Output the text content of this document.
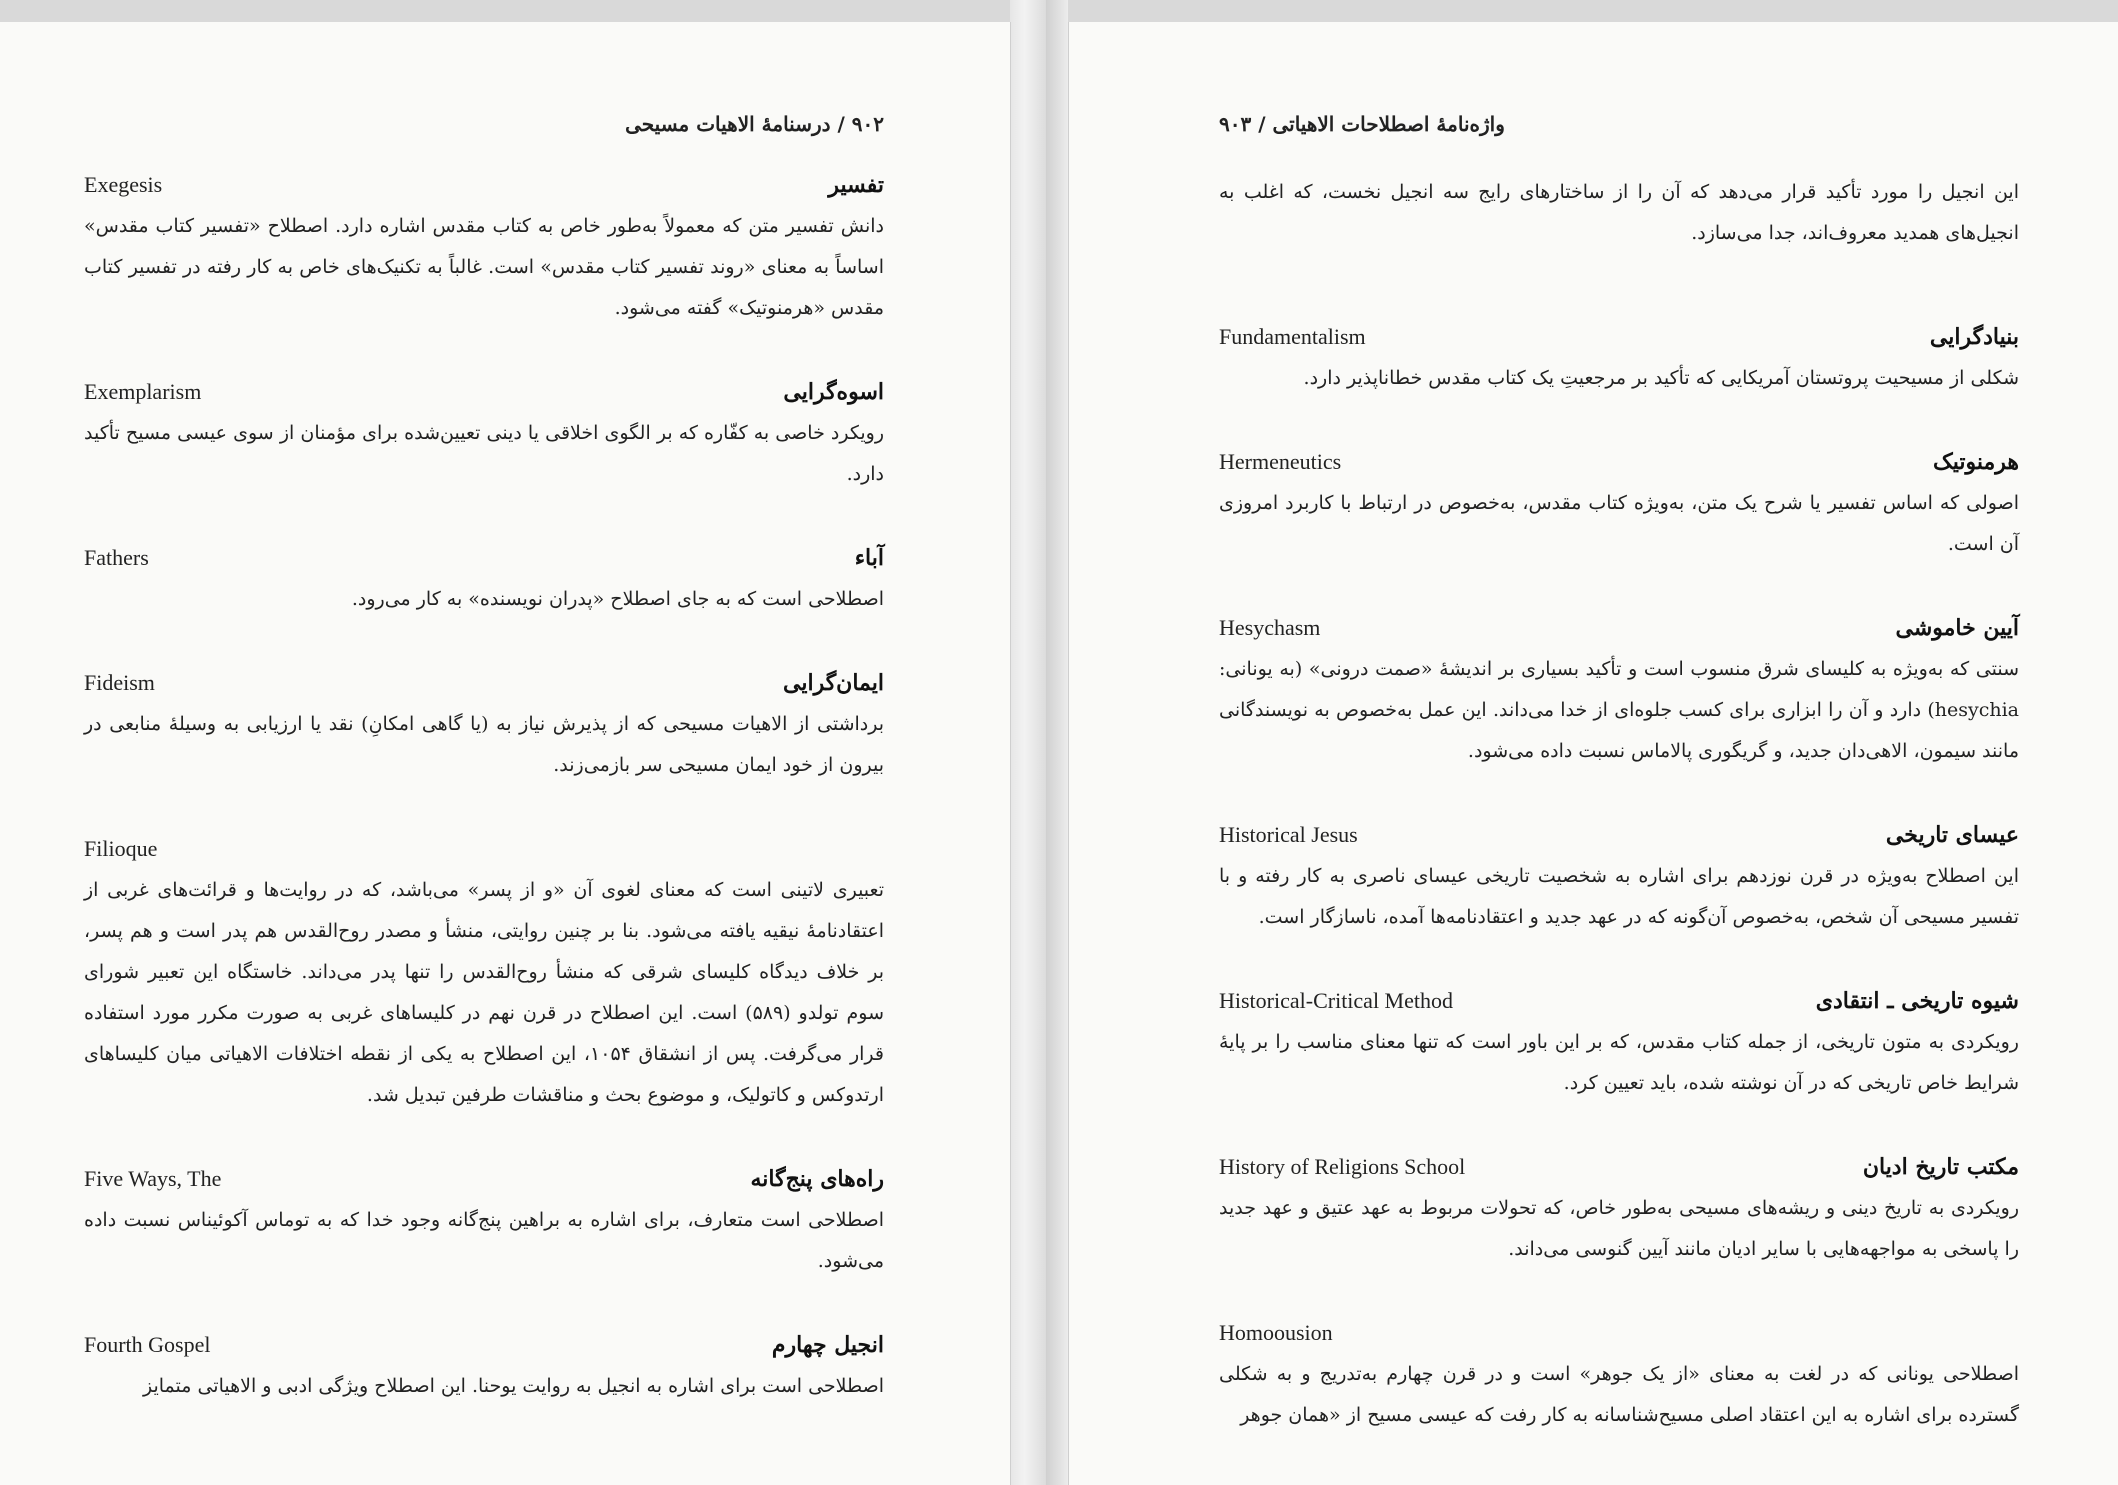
۹۰۲ / درسنامهٔ الاهیات مسیحی
Exegesis	تفسیر

دانش تفسیر متن که معمولاً به‌طور خاص به کتاب مقدس اشاره دارد. اصطلاح «تفسیر کتاب مقدس» اساساً به معنای «روند تفسیر کتاب مقدس» است. غالباً به تکنیک‌های خاص به کار رفته در تفسیر کتاب مقدس «هرمنوتیک» گفته می‌شود.

Exemplarism	اسوه‌گرایی

رویکرد خاصی به کفّاره که بر الگوی اخلاقی یا دینی تعیین‌شده برای مؤمنان از سوی عیسی مسیح تأکید دارد.

Fathers	آباء

اصطلاحی است که به جای اصطلاح «پدران نویسنده» به کار می‌رود.

Fideism	ایمان‌گرایی

برداشتی از الاهیات مسیحی که از پذیرش نیاز به (یا گاهی امکانِ) نقد یا ارزیابی به وسیلهٔ منابعی در بیرون از خود ایمان مسیحی سر بازمی‌زند.

Filioque

تعبیری لاتینی است که معنای لغوی آن «و از پسر» می‌باشد، که در روایت‌ها و قرائت‌های غربی از اعتقادنامهٔ نیقیه یافته می‌شود. بنا بر چنین روایتی، منشأ و مصدر روح‌القدس هم پدر است و هم پسر، بر خلاف دیدگاه کلیسای شرقی که منشأ روح‌القدس را تنها پدر می‌داند. خاستگاه این تعبیر شورای سوم تولدو (۵۸۹) است. این اصطلاح در قرن نهم در کلیساهای غربی به صورت مکرر مورد استفاده قرار می‌گرفت. پس از انشقاق ۱۰۵۴، این اصطلاح به یکی از نقطه اختلافات الاهیاتی میان کلیساهای ارتدوکس و کاتولیک، و موضوع بحث و مناقشات طرفین تبدیل شد.

Five Ways, The	راه‌های پنج‌گانه

اصطلاحی است متعارف، برای اشاره به براهین پنج‌گانه وجود خدا که به توماس آکوئیناس نسبت داده می‌شود.

Fourth Gospel	انجیل چهارم

اصطلاحی است برای اشاره به انجیل به روایت یوحنا. این اصطلاح ویژگی ادبی و الاهیاتی متمایز

واژه‌نامهٔ اصطلاحات الاهیاتی / ۹۰۳

این انجیل را مورد تأکید قرار می‌دهد که آن را از ساختارهای رایج سه انجیل نخست، که اغلب به انجیل‌های همدید معروف‌اند، جدا می‌سازد.

Fundamentalism	بنیادگرایی

شکلی از مسیحیت پروتستان آمریکایی که تأکید بر مرجعیتِ یک کتاب مقدس خطاناپذیر دارد.

Hermeneutics	هرمنوتیک

اصولی که اساس تفسیر یا شرح یک متن، به‌ویژه کتاب مقدس، به‌خصوص در ارتباط با کاربرد امروزی آن است.

Hesychasm	آیین خاموشی

سنتی که به‌ویژه به کلیسای شرق منسوب است و تأکید بسیاری بر اندیشهٔ «صمت درونی» (به یونانی: hesychia) دارد و آن را ابزاری برای کسب جلوه‌ای از خدا می‌داند. این عمل به‌خصوص به نویسندگانی مانند سیمون، الاهی‌دان جدید، و گریگوری پالاماس نسبت داده می‌شود.

Historical Jesus	عیسای تاریخی

این اصطلاح به‌ویژه در قرن نوزدهم برای اشاره به شخصیت تاریخی عیسای ناصری به کار رفته و با تفسیر مسیحی آن شخص، به‌خصوص آن‌گونه که در عهد جدید و اعتقادنامه‌ها آمده، ناسازگار است.

Historical-Critical Method	شیوه تاریخی ـ انتقادی

رویکردی به متون تاریخی، از جمله کتاب مقدس، که بر این باور است که تنها معنای مناسب را بر پایهٔ شرایط خاص تاریخی که در آن نوشته شده، باید تعیین کرد.

History of Religions School	مکتب تاریخ ادیان

رویکردی به تاریخ دینی و ریشه‌های مسیحی به‌طور خاص، که تحولات مربوط به عهد عتیق و عهد جدید را پاسخی به مواجهه‌هایی با سایر ادیان مانند آیین گنوسی می‌داند.

Homoousion

اصطلاحی یونانی که در لغت به معنای «از یک جوهر» است و در قرن چهارم به‌تدریج و به شکلی گسترده برای اشاره به این اعتقاد اصلی مسیح‌شناسانه به کار رفت که عیسی مسیح از «همان جوهر
